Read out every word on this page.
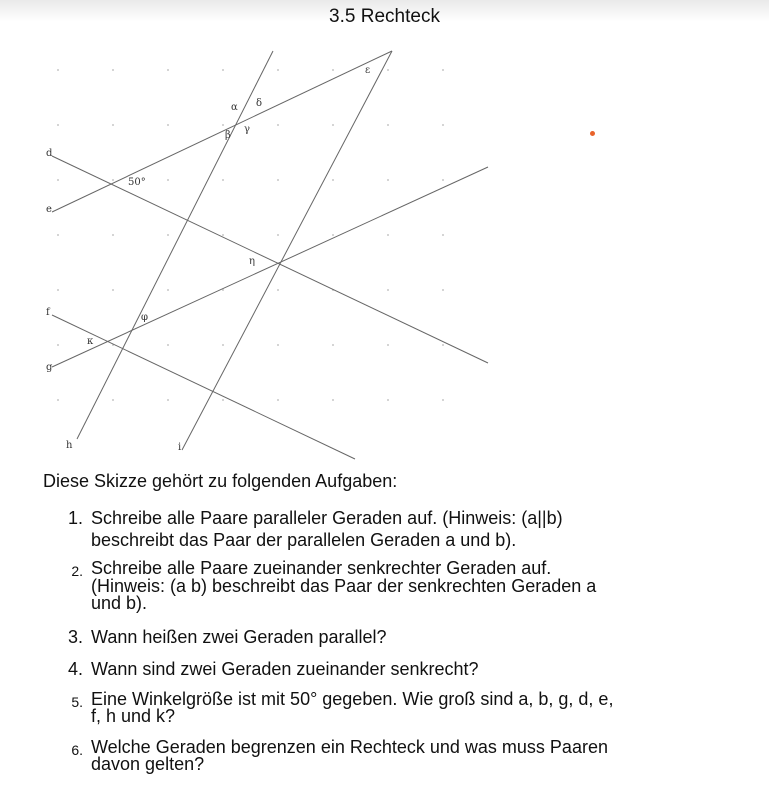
3.5 Rechteck
d
e
f
g
h	i
α δ
β
γ
ε
50°
η
φ
κ
Diese Skizze gehört zu folgenden Aufgaben:
1. Schreibe alle Paare paralleler Geraden auf. (Hinweis: (a||b)
beschreibt das Paar der parallelen Geraden a und b).
2. Schreibe alle Paare zueinander senkrechter Geraden auf.
(Hinweis: (a b) beschreibt das Paar der senkrechten Geraden a
und b).
3. Wann heißen zwei Geraden parallel?
4. Wann sind zwei Geraden zueinander senkrecht?
5. Eine Winkelgröße ist mit 50° gegeben. Wie groß sind a, b, g, d, e,
f, h und k?
6. Welche Geraden begrenzen ein Rechteck und was muss Paaren
davon gelten?
